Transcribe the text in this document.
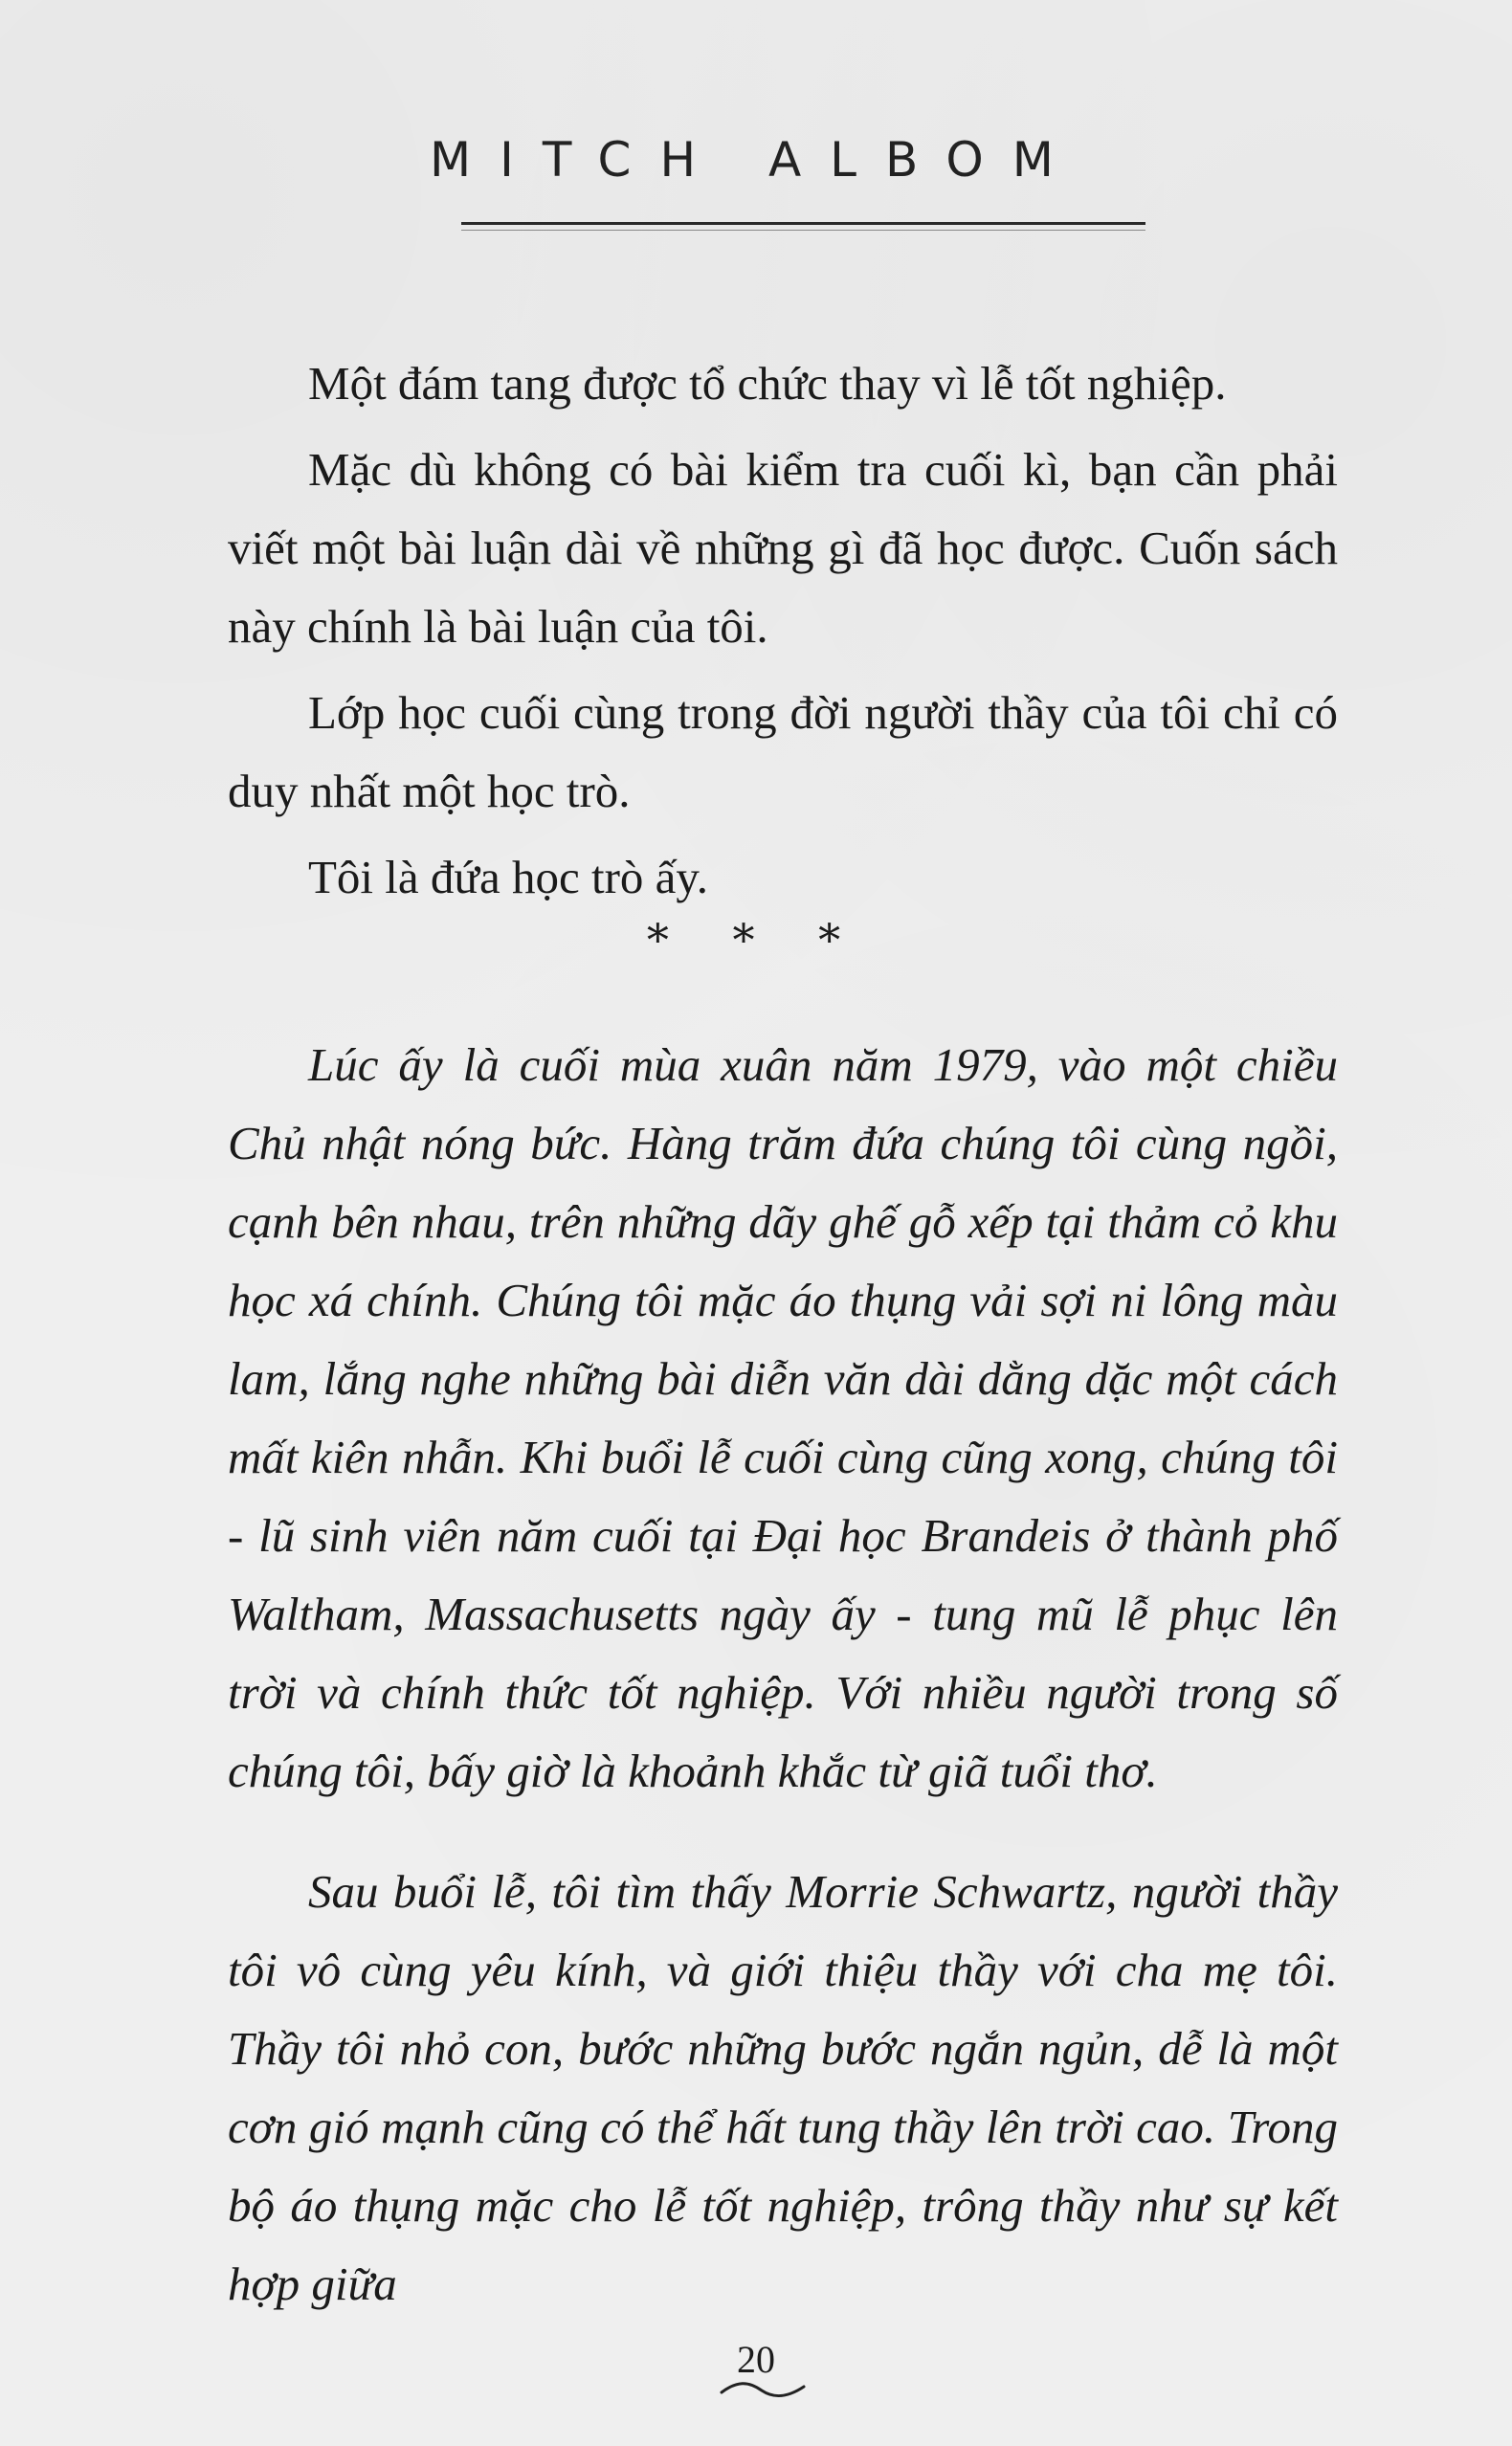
MITCH ALBOM

Một đám tang được tổ chức thay vì lễ tốt nghiệp.

Mặc dù không có bài kiểm tra cuối kì, bạn cần phải viết một bài luận dài về những gì đã học được. Cuốn sách này chính là bài luận của tôi.

Lớp học cuối cùng trong đời người thầy của tôi chỉ có duy nhất một học trò.

Tôi là đứa học trò ấy.

* * *

Lúc ấy là cuối mùa xuân năm 1979, vào một chiều Chủ nhật nóng bức. Hàng trăm đứa chúng tôi cùng ngồi, cạnh bên nhau, trên những dãy ghế gỗ xếp tại thảm cỏ khu học xá chính. Chúng tôi mặc áo thụng vải sợi ni lông màu lam, lắng nghe những bài diễn văn dài dằng dặc một cách mất kiên nhẫn. Khi buổi lễ cuối cùng cũng xong, chúng tôi - lũ sinh viên năm cuối tại Đại học Brandeis ở thành phố Waltham, Massachusetts ngày ấy - tung mũ lễ phục lên trời và chính thức tốt nghiệp. Với nhiều người trong số chúng tôi, bấy giờ là khoảnh khắc từ giã tuổi thơ.

Sau buổi lễ, tôi tìm thấy Morrie Schwartz, người thầy tôi vô cùng yêu kính, và giới thiệu thầy với cha mẹ tôi. Thầy tôi nhỏ con, bước những bước ngắn ngủn, dễ là một cơn gió mạnh cũng có thể hất tung thầy lên trời cao. Trong bộ áo thụng mặc cho lễ tốt nghiệp, trông thầy như sự kết hợp giữa

20
